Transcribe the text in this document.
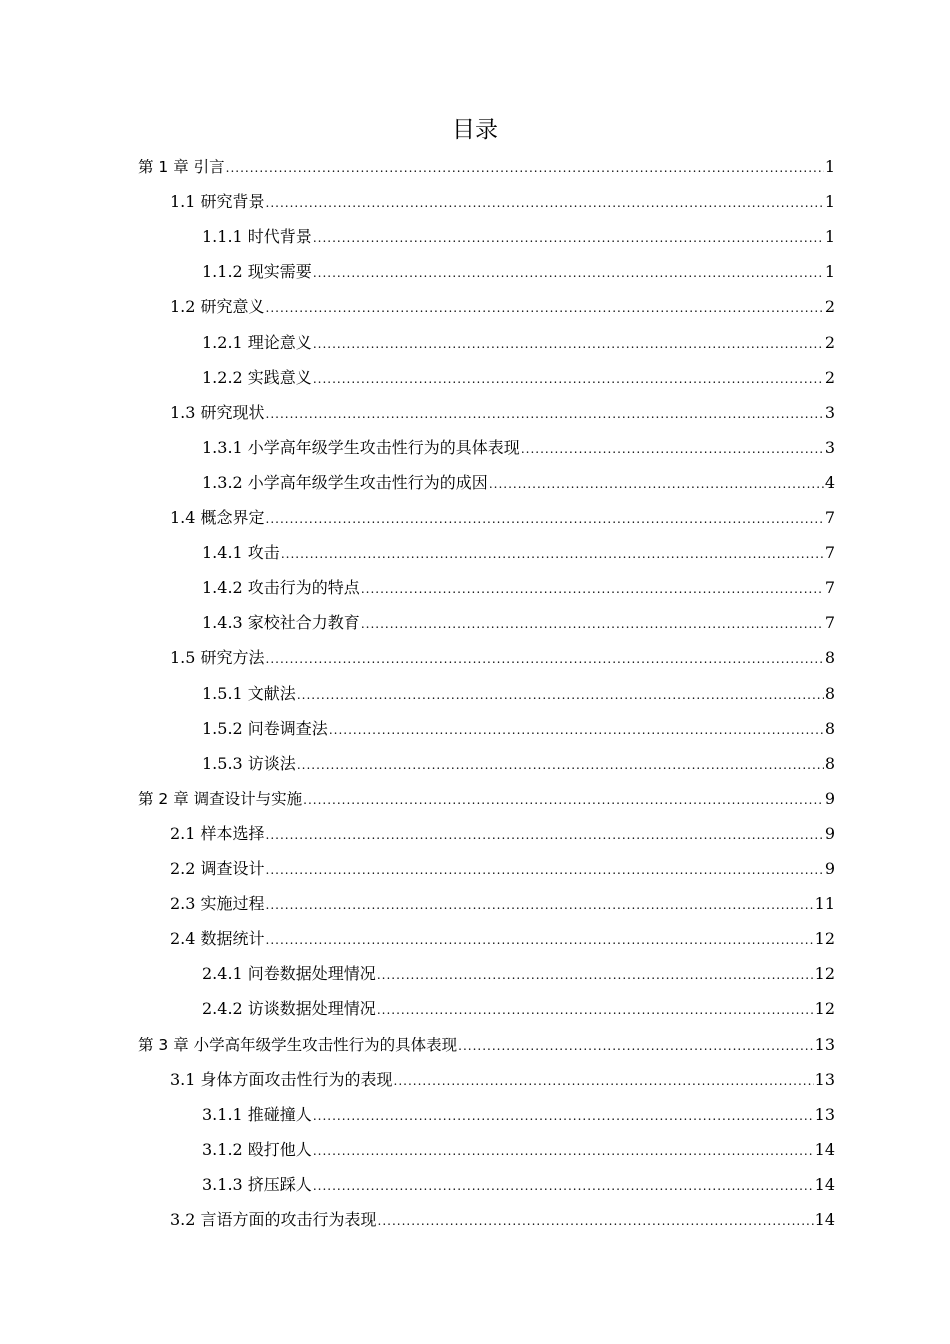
目录
第 1 章 引言 .....	1
1.1 研究背景 .....	1
1.1.1 时代背景 .....	1
1.1.2 现实需要 .....	1
1.2 研究意义 .....	2
1.2.1 理论意义 .....	2
1.2.2 实践意义 .....	2
1.3 研究现状 .....	3
1.3.1 小学高年级学生攻击性行为的具体表现 .....	3
1.3.2 小学高年级学生攻击性行为的成因 .....	4
1.4 概念界定 .....	7
1.4.1 攻击 .....	7
1.4.2 攻击行为的特点 .....	7
1.4.3 家校社合力教育 .....	7
1.5 研究方法 .....	8
1.5.1 文献法 .....	8
1.5.2 问卷调查法 .....	8
1.5.3 访谈法 .....	8
第 2 章 调查设计与实施 .....	9
2.1 样本选择 .....	9
2.2 调查设计 .....	9
2.3 实施过程 .....	11
2.4 数据统计 .....	12
2.4.1 问卷数据处理情况 .....	12
2.4.2 访谈数据处理情况 .....	12
第 3 章 小学高年级学生攻击性行为的具体表现 .....	13
3.1 身体方面攻击性行为的表现 .....	13
3.1.1 推碰撞人 .....	13
3.1.2 殴打他人 .....	14
3.1.3 挤压踩人 .....	14
3.2 言语方面的攻击行为表现 .....	14
